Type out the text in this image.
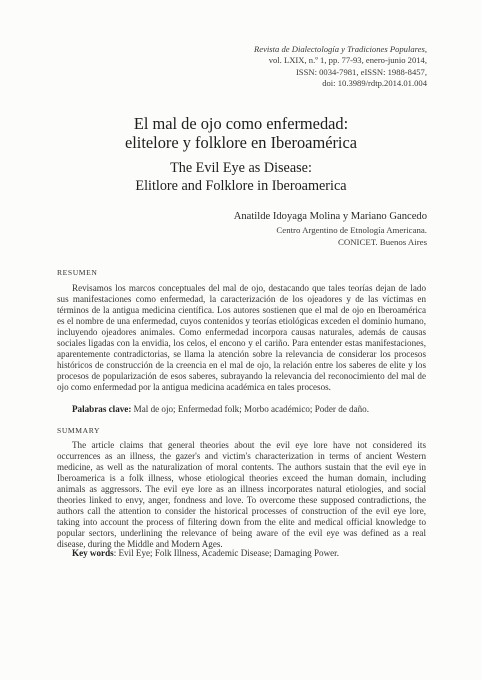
Revista de Dialectología y Tradiciones Populares,
vol. LXIX, n.º 1, pp. 77-93, enero-junio 2014,
ISSN: 0034-7981, eISSN: 1988-8457,
doi: 10.3989/rdtp.2014.01.004
El mal de ojo como enfermedad:
elitelore y folklore en Iberoamérica
The Evil Eye as Disease:
Elitlore and Folklore in Iberoamerica
Anatilde Idoyaga Molina y Mariano Gancedo
Centro Argentino de Etnología Americana.
CONICET. Buenos Aires
RESUMEN

Revisamos los marcos conceptuales del mal de ojo, destacando que tales teorías dejan de lado sus manifestaciones como enfermedad, la caracterización de los ojeadores y de las víctimas en términos de la antigua medicina científica. Los autores sostienen que el mal de ojo en Iberoamérica es el nombre de una enfermedad, cuyos contenidos y teorías etiológicas exceden el dominio humano, incluyendo ojeadores animales. Como enfermedad incorpora causas naturales, además de causas sociales ligadas con la envidia, los celos, el encono y el cariño. Para entender estas manifestaciones, aparentemente contradictorias, se llama la atención sobre la relevancia de considerar los procesos históricos de construcción de la creencia en el mal de ojo, la relación entre los saberes de elite y los procesos de popularización de esos saberes, subrayando la relevancia del reconocimiento del mal de ojo como enfermedad por la antigua medicina académica en tales procesos.

Palabras clave: Mal de ojo; Enfermedad folk; Morbo académico; Poder de daño.
SUMMARY

The article claims that general theories about the evil eye lore have not considered its occurrences as an illness, the gazer's and victim's characterization in terms of ancient Western medicine, as well as the naturalization of moral contents. The authors sustain that the evil eye in Iberoamerica is a folk illness, whose etiological theories exceed the human domain, including animals as aggressors. The evil eye lore as an illness incorporates natural etiologies, and social theories linked to envy, anger, fondness and love. To overcome these supposed contradictions, the authors call the attention to consider the historical processes of construction of the evil eye lore, taking into account the process of filtering down from the elite and medical official knowledge to popular sectors, underlining the relevance of being aware of the evil eye was defined as a real disease, during the Middle and Modern Ages.

Key words: Evil Eye; Folk Illness, Academic Disease; Damaging Power.
